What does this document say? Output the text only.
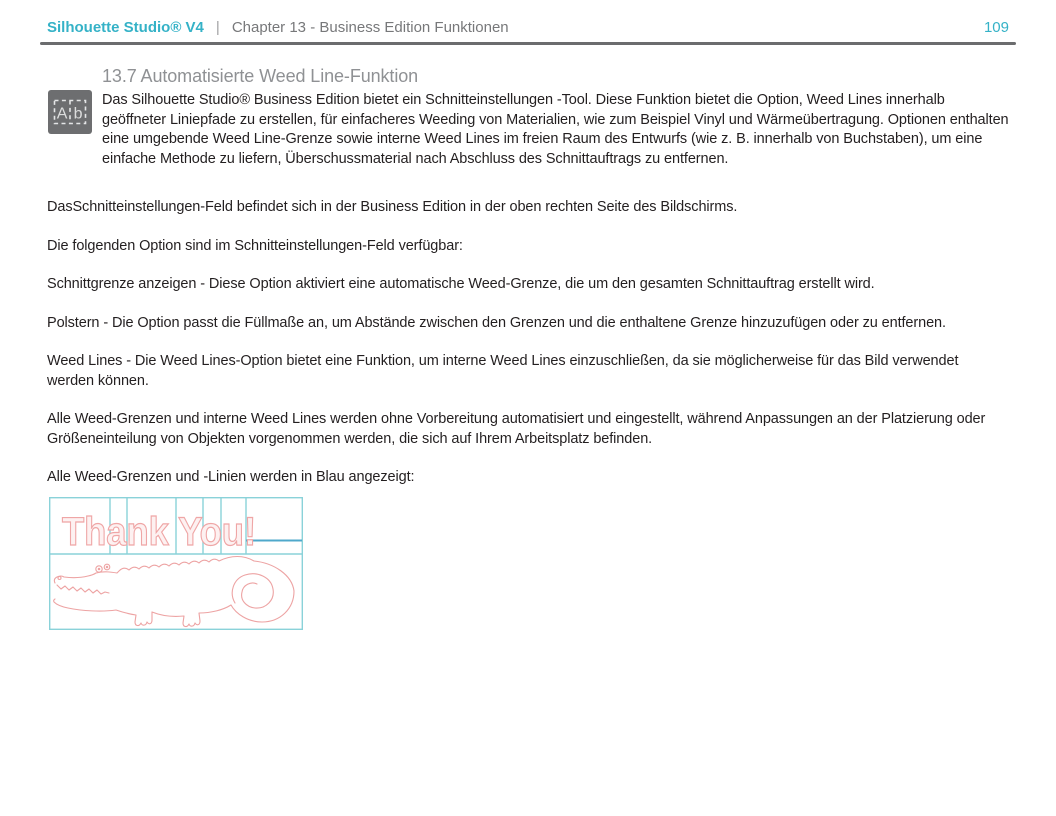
Silhouette Studio® V4 | Chapter 13 - Business Edition Funktionen	109
A b
13.7 Automatisierte Weed Line-Funktion

Das Silhouette Studio® Business Edition bietet ein Schnitteinstellungen -Tool. Diese Funktion bietet die Option, Weed Lines innerhalb geöffneter Liniepfade zu erstellen, für einfacheres Weeding von Materialien, wie zum Beispiel Vinyl und Wärmeübertragung. Optionen enthalten eine umgebende Weed Line-Grenze sowie interne Weed Lines im freien Raum des Entwurfs (wie z. B. innerhalb von Buchstaben), um eine einfache Methode zu liefern, Überschussmaterial nach Abschluss des Schnittauftrags zu entfernen.

DasSchnitteinstellungen-Feld befindet sich in der Business Edition in der oben rechten Seite des Bildschirms.

Die folgenden Option sind im Schnitteinstellungen-Feld verfügbar:

Schnittgrenze anzeigen - Diese Option aktiviert eine automatische Weed-Grenze, die um den gesamten Schnittauftrag erstellt wird.

Polstern - Die Option passt die Füllmaße an, um Abstände zwischen den Grenzen und die enthaltene Grenze hinzuzufügen oder zu entfernen.

Weed Lines - Die Weed Lines-Option bietet eine Funktion, um interne Weed Lines einzuschließen, da sie möglicherweise für das Bild verwendet werden können.

Alle Weed-Grenzen und interne Weed Lines werden ohne Vorbereitung automatisiert und eingestellt, während Anpassungen an der Platzierung oder Größeneinteilung von Objekten vorgenommen werden, die sich auf Ihrem Arbeitsplatz befinden.

Alle Weed-Grenzen und -Linien werden in Blau angezeigt:

Thank You!
